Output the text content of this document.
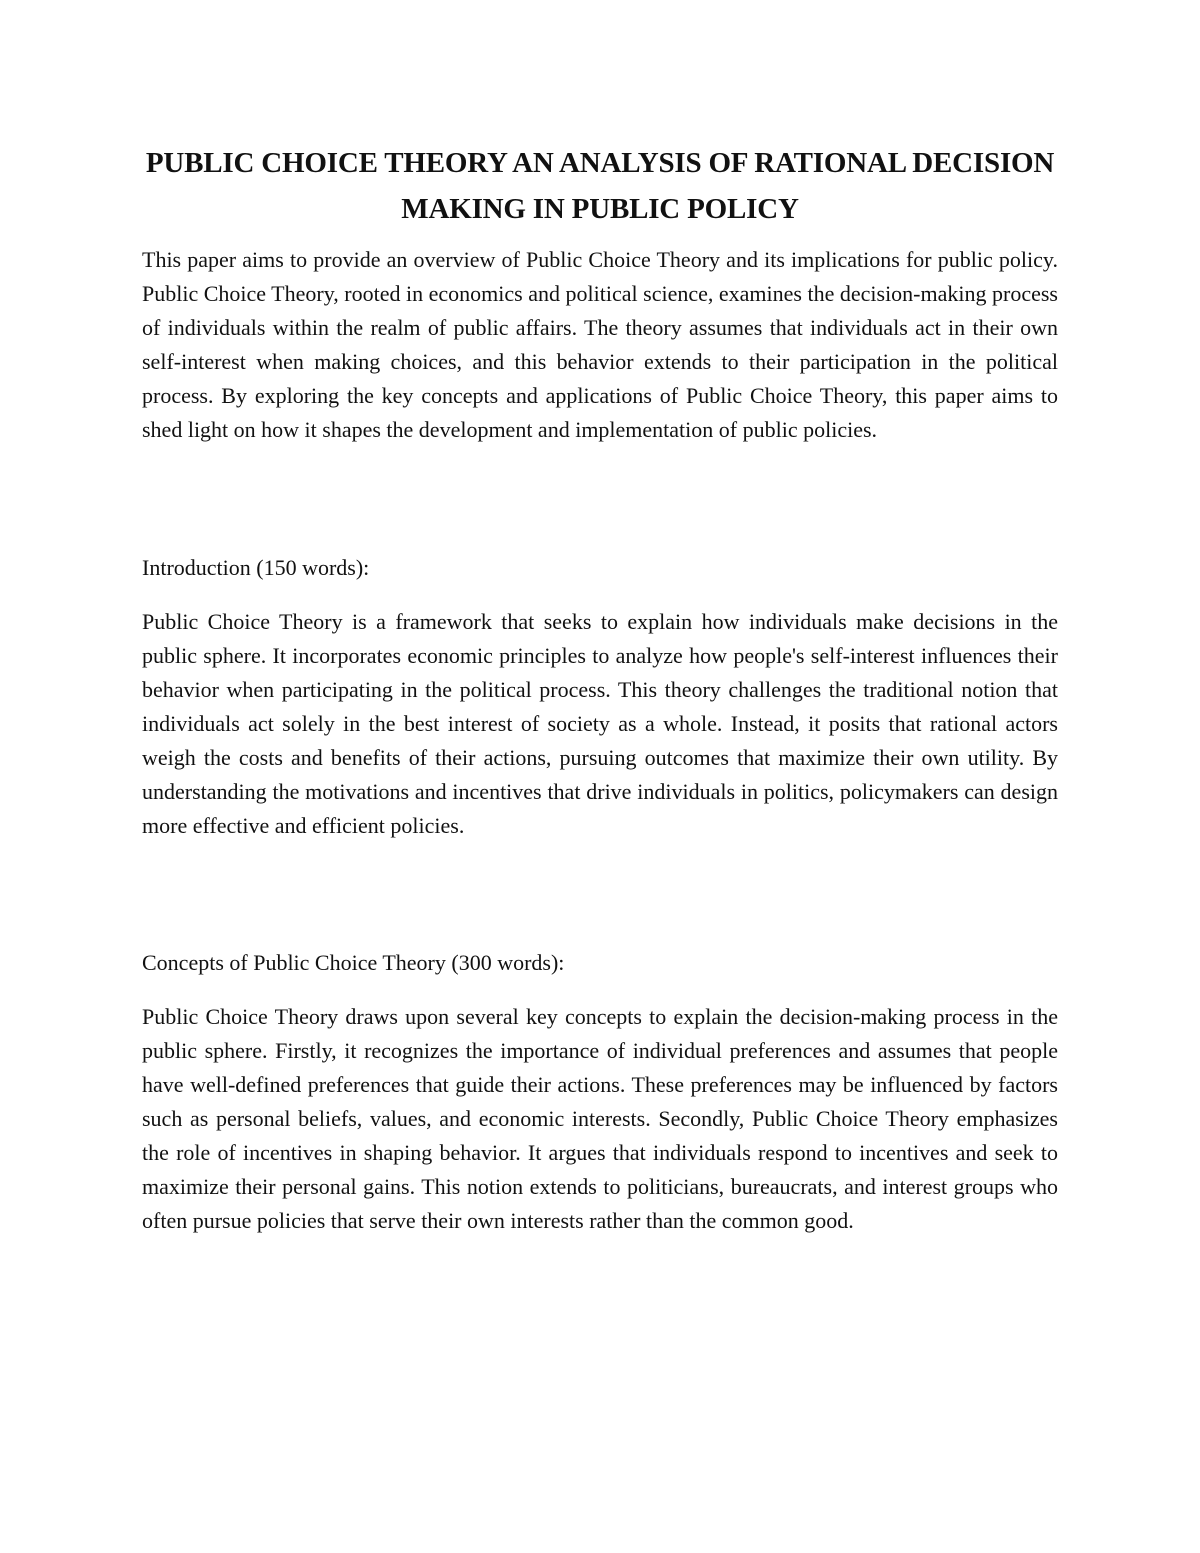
PUBLIC CHOICE THEORY AN ANALYSIS OF RATIONAL DECISION MAKING IN PUBLIC POLICY

This paper aims to provide an overview of Public Choice Theory and its implications for public policy. Public Choice Theory, rooted in economics and political science, examines the decision-making process of individuals within the realm of public affairs. The theory assumes that individuals act in their own self-interest when making choices, and this behavior extends to their participation in the political process. By exploring the key concepts and applications of Public Choice Theory, this paper aims to shed light on how it shapes the development and implementation of public policies.

Introduction (150 words):

Public Choice Theory is a framework that seeks to explain how individuals make decisions in the public sphere. It incorporates economic principles to analyze how people's self-interest influences their behavior when participating in the political process. This theory challenges the traditional notion that individuals act solely in the best interest of society as a whole. Instead, it posits that rational actors weigh the costs and benefits of their actions, pursuing outcomes that maximize their own utility. By understanding the motivations and incentives that drive individuals in politics, policymakers can design more effective and efficient policies.

Concepts of Public Choice Theory (300 words):

Public Choice Theory draws upon several key concepts to explain the decision-making process in the public sphere. Firstly, it recognizes the importance of individual preferences and assumes that people have well-defined preferences that guide their actions. These preferences may be influenced by factors such as personal beliefs, values, and economic interests. Secondly, Public Choice Theory emphasizes the role of incentives in shaping behavior. It argues that individuals respond to incentives and seek to maximize their personal gains. This notion extends to politicians, bureaucrats, and interest groups who often pursue policies that serve their own interests rather than the common good.
